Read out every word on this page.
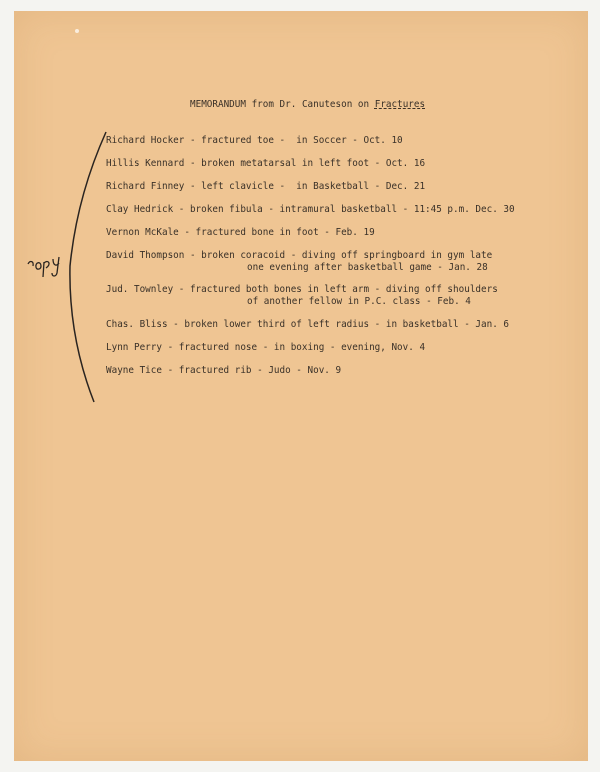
MEMORANDUM from Dr. Canuteson on Fractures
Richard Hocker - fractured toe -  in Soccer - Oct. 10
Hillis Kennard - broken metatarsal in left foot - Oct. 16
Richard Finney - left clavicle -  in Basketball - Dec. 21
Clay Hedrick - broken fibula - intramural basketball - 11:45 p.m. Dec. 30
Vernon McKale - fractured bone in foot - Feb. 19
David Thompson - broken coracoid - diving off springboard in gym late
one evening after basketball game - Jan. 28
Jud. Townley - fractured both bones in left arm - diving off shoulders
of another fellow in P.C. class - Feb. 4
Chas. Bliss - broken lower third of left radius - in basketball - Jan. 6
Lynn Perry - fractured nose - in boxing - evening, Nov. 4
Wayne Tice - fractured rib - Judo - Nov. 9
